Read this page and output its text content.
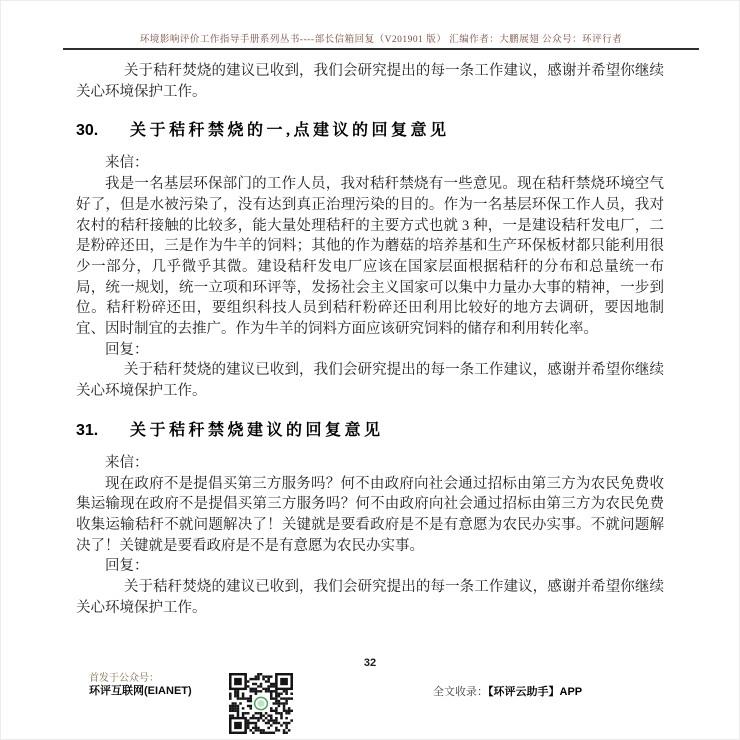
环境影响评价工作指导手册系列丛书----部长信箱回复（V201901 版） 汇编作者：大鹏展翅 公众号：环评行者

关于秸秆焚烧的建议已收到，我们会研究提出的每一条工作建议，感谢并希望你继续关心环境保护工作。

30. 关于秸秆禁烧的一,点建议的回复意见

来信：

我是一名基层环保部门的工作人员，我对秸秆禁烧有一些意见。现在秸秆禁烧环境空气好了，但是水被污染了，没有达到真正治理污染的目的。作为一名基层环保工作人员，我对农村的秸秆接触的比较多，能大量处理秸秆的主要方式也就 3 种，一是建设秸秆发电厂，二是粉碎还田，三是作为牛羊的饲料；其他的作为蘑菇的培养基和生产环保板材都只能利用很少一部分，几乎微乎其微。建设秸秆发电厂应该在国家层面根据秸秆的分布和总量统一布局，统一规划，统一立项和环评等，发扬社会主义国家可以集中力量办大事的精神，一步到位。秸秆粉碎还田，要组织科技人员到秸秆粉碎还田利用比较好的地方去调研，要因地制宜、因时制宜的去推广。作为牛羊的饲料方面应该研究饲料的储存和利用转化率。

回复：

关于秸秆焚烧的建议已收到，我们会研究提出的每一条工作建议，感谢并希望你继续关心环境保护工作。

31. 关于秸秆禁烧建议的回复意见

来信：

现在政府不是提倡买第三方服务吗？何不由政府向社会通过招标由第三方为农民免费收集运输现在政府不是提倡买第三方服务吗？何不由政府向社会通过招标由第三方为农民免费收集运输秸秆不就问题解决了！关键就是要看政府是不是有意愿为农民办实事。不就问题解决了！关键就是要看政府是不是有意愿为农民办实事。

回复：

关于秸秆焚烧的建议已收到，我们会研究提出的每一条工作建议，感谢并希望你继续关心环境保护工作。

32
首发于公众号：
环评互联网(EIANET)	全文收录：【环评云助手】APP
